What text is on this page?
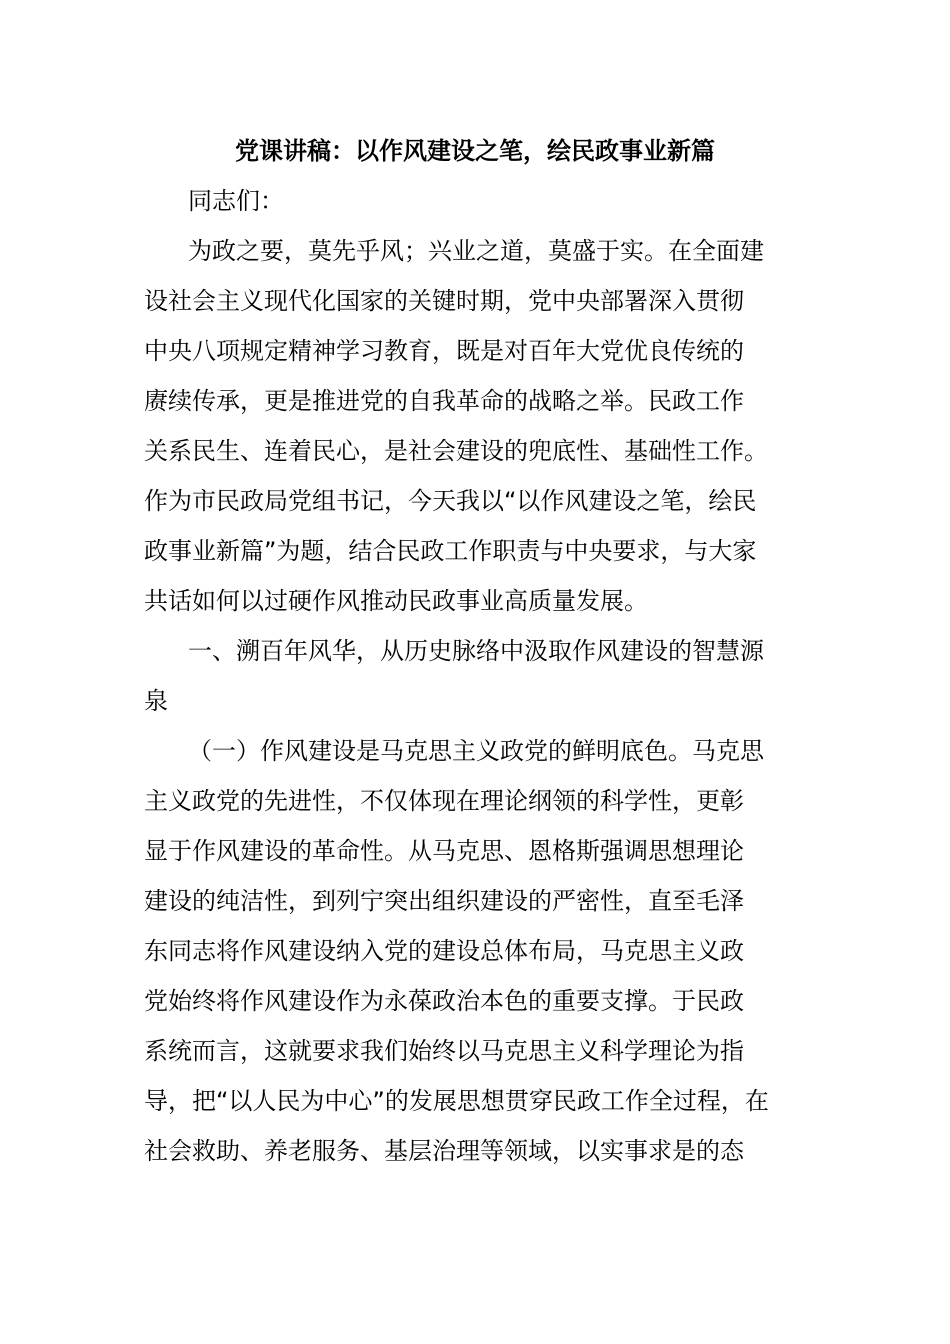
党课讲稿：以作风建设之笔，绘民政事业新篇
同志们：
为政之要，莫先乎风；兴业之道，莫盛于实。在全面建
设社会主义现代化国家的关键时期，党中央部署深入贯彻
中央八项规定精神学习教育，既是对百年大党优良传统的
赓续传承，更是推进党的自我革命的战略之举。民政工作
关系民生、连着民心，是社会建设的兜底性、基础性工作。
作为市民政局党组书记，今天我以“以作风建设之笔，绘民
政事业新篇”为题，结合民政工作职责与中央要求，与大家
共话如何以过硬作风推动民政事业高质量发展。
一、溯百年风华，从历史脉络中汲取作风建设的智慧源
泉
（一）作风建设是马克思主义政党的鲜明底色。马克思
主义政党的先进性，不仅体现在理论纲领的科学性，更彰
显于作风建设的革命性。从马克思、恩格斯强调思想理论
建设的纯洁性，到列宁突出组织建设的严密性，直至毛泽
东同志将作风建设纳入党的建设总体布局，马克思主义政
党始终将作风建设作为永葆政治本色的重要支撑。于民政
系统而言，这就要求我们始终以马克思主义科学理论为指
导，把“以人民为中心”的发展思想贯穿民政工作全过程，在
社会救助、养老服务、基层治理等领域，以实事求是的态
